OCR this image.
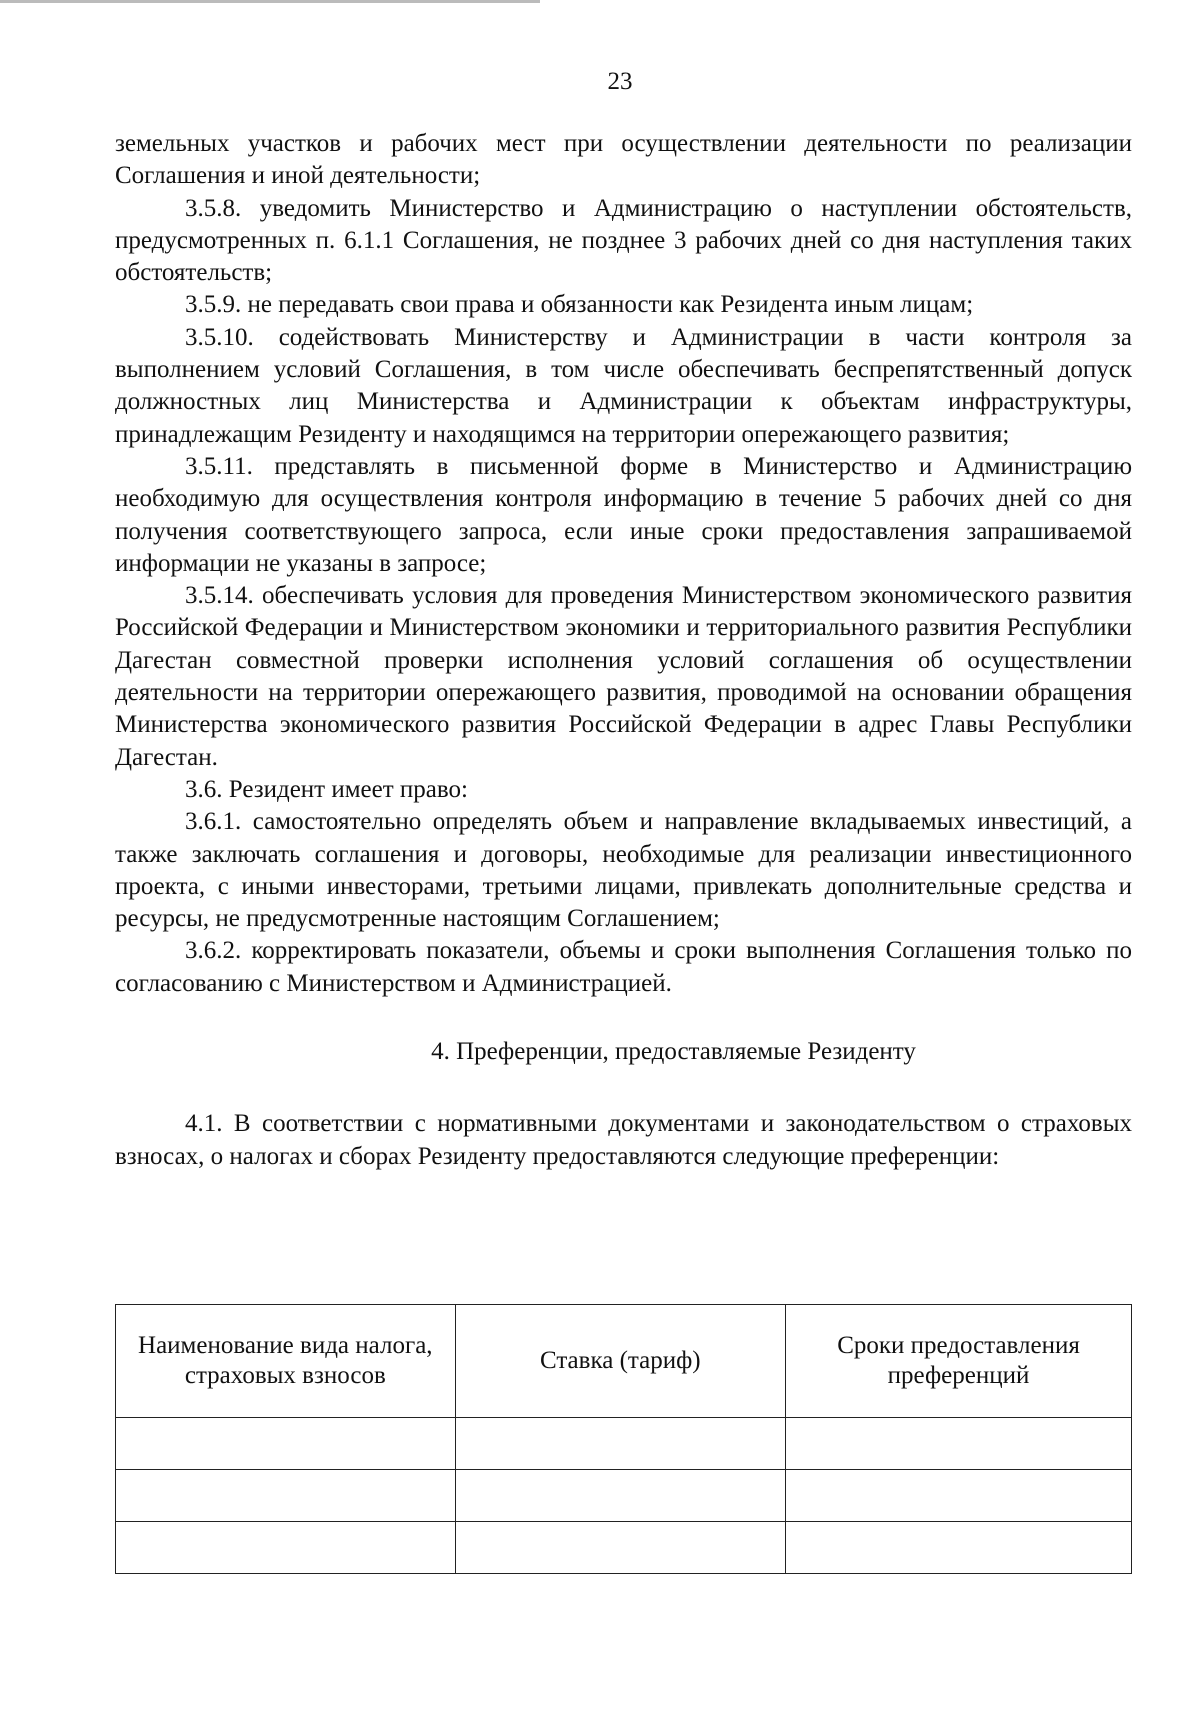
23

земельных участков и рабочих мест при осуществлении деятельности по реализации Соглашения и иной деятельности;

3.5.8. уведомить Министерство и Администрацию о наступлении обстоятельств, предусмотренных п. 6.1.1 Соглашения, не позднее 3 рабочих дней со дня наступления таких обстоятельств;

3.5.9. не передавать свои права и обязанности как Резидента иным лицам;

3.5.10. содействовать Министерству и Администрации в части контроля за выполнением условий Соглашения, в том числе обеспечивать беспрепятственный допуск должностных лиц Министерства и Администрации к объектам инфраструктуры, принадлежащим Резиденту и находящимся на территории опережающего развития;

3.5.11. представлять в письменной форме в Министерство и Администрацию необходимую для осуществления контроля информацию в течение 5 рабочих дней со дня получения соответствующего запроса, если иные сроки предоставления запрашиваемой информации не указаны в запросе;

3.5.14. обеспечивать условия для проведения Министерством экономического развития Российской Федерации и Министерством экономики и территориального развития Республики Дагестан совместной проверки исполнения условий соглашения об осуществлении деятельности на территории опережающего развития, проводимой на основании обращения Министерства экономического развития Российской Федерации в адрес Главы Республики Дагестан.

3.6. Резидент имеет право:

3.6.1. самостоятельно определять объем и направление вкладываемых инвестиций, а также заключать соглашения и договоры, необходимые для реализации инвестиционного проекта, с иными инвесторами, третьими лицами, привлекать дополнительные средства и ресурсы, не предусмотренные настоящим Соглашением;

3.6.2. корректировать показатели, объемы и сроки выполнения Соглашения только по согласованию с Министерством и Администрацией.

4. Преференции, предоставляемые Резиденту

4.1. В соответствии с нормативными документами и законодательством о страховых взносах, о налогах и сборах Резиденту предоставляются следующие преференции:

Наименование вида налога, страховых взносов	Ставка (тариф)	Сроки предоставления преференций
